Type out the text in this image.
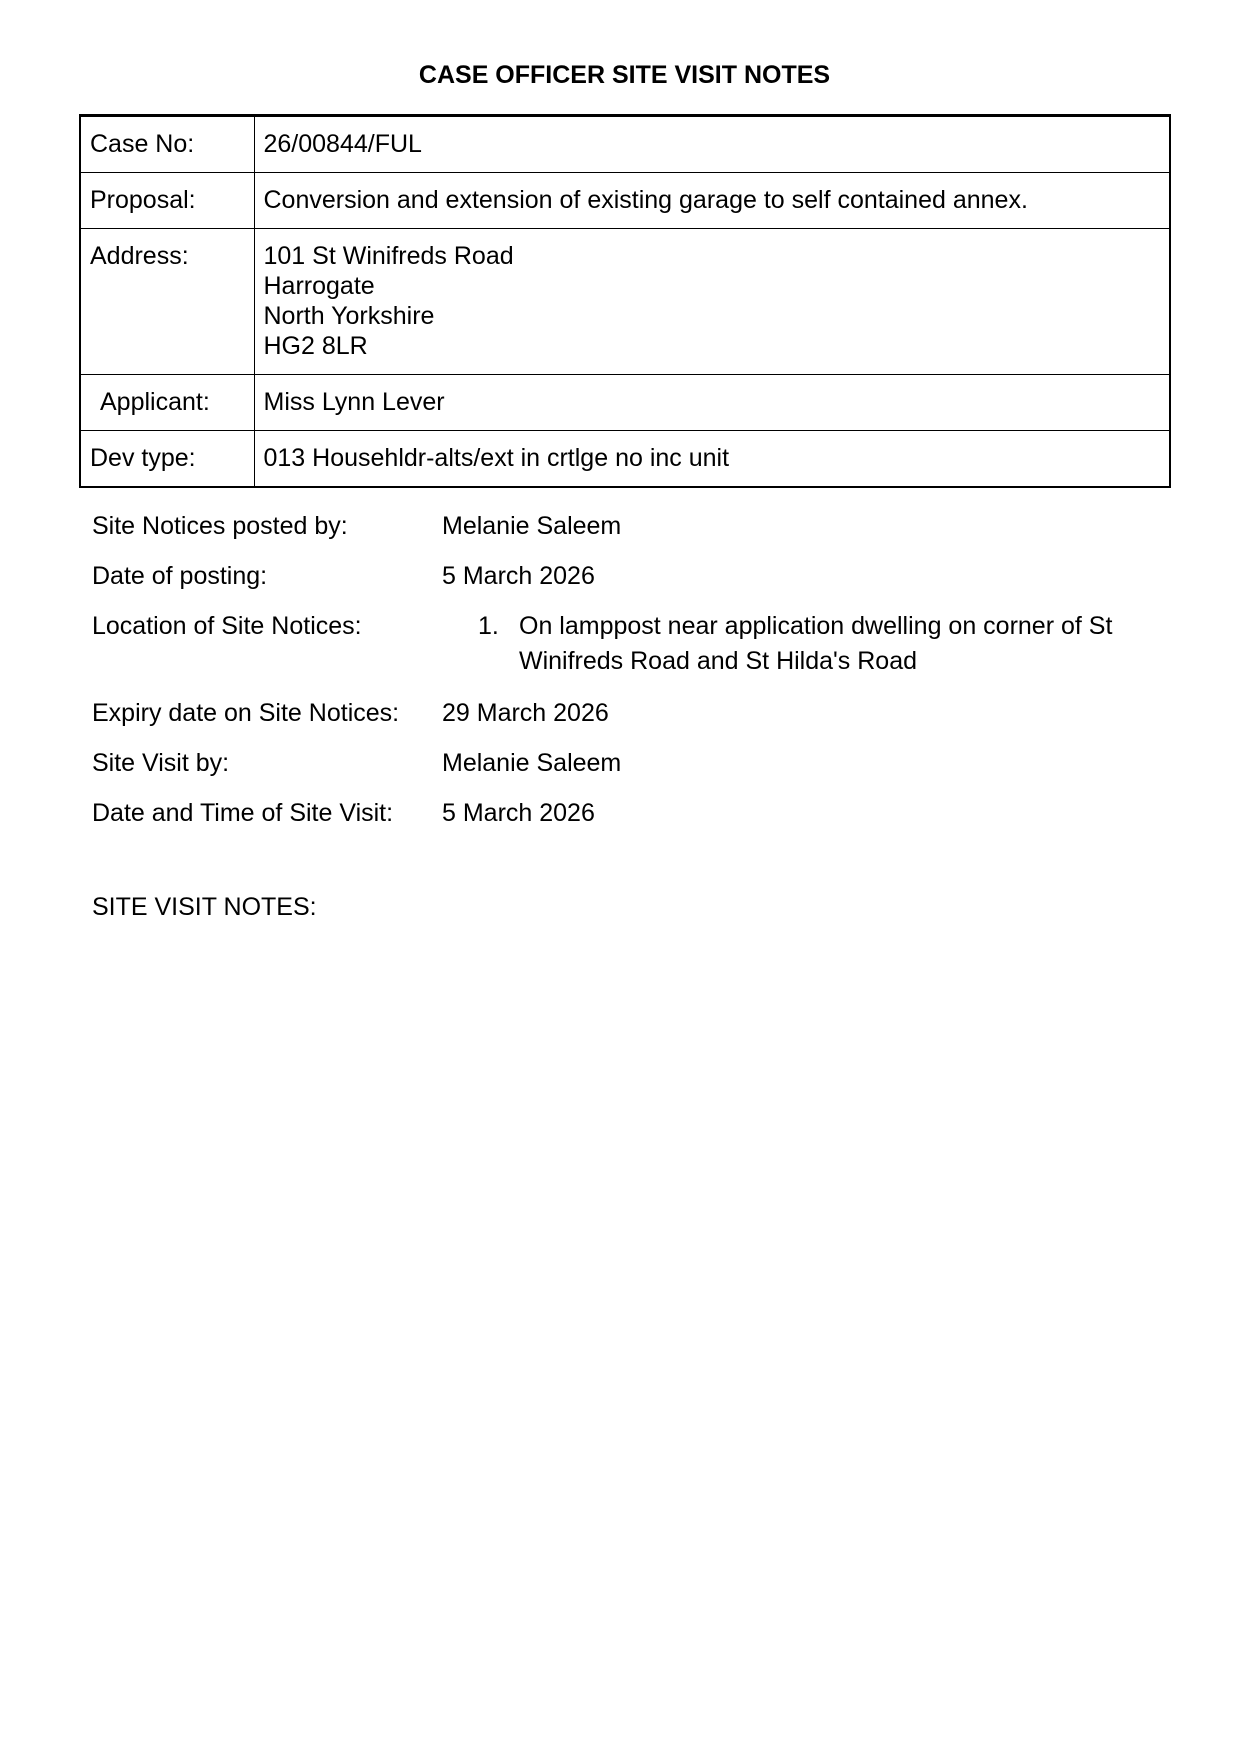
CASE OFFICER SITE VISIT NOTES
Case No:	26/00844/FUL
Proposal:	Conversion and extension of existing garage to self contained annex.
Address:	101 St Winifreds Road
Harrogate
North Yorkshire
HG2 8LR

Applicant:	Miss Lynn Lever
Dev type:	013 Househldr-alts/ext in crtlge no inc unit
Site Notices posted by:	Melanie Saleem
Date of posting:	5 March 2026
Location of Site Notices:	1. On lamppost near application dwelling on corner of St Winifreds Road and St Hilda's Road
Expiry date on Site Notices:	29 March 2026
Site Visit by:	Melanie Saleem
Date and Time of Site Visit:	5 March 2026
SITE VISIT NOTES:
